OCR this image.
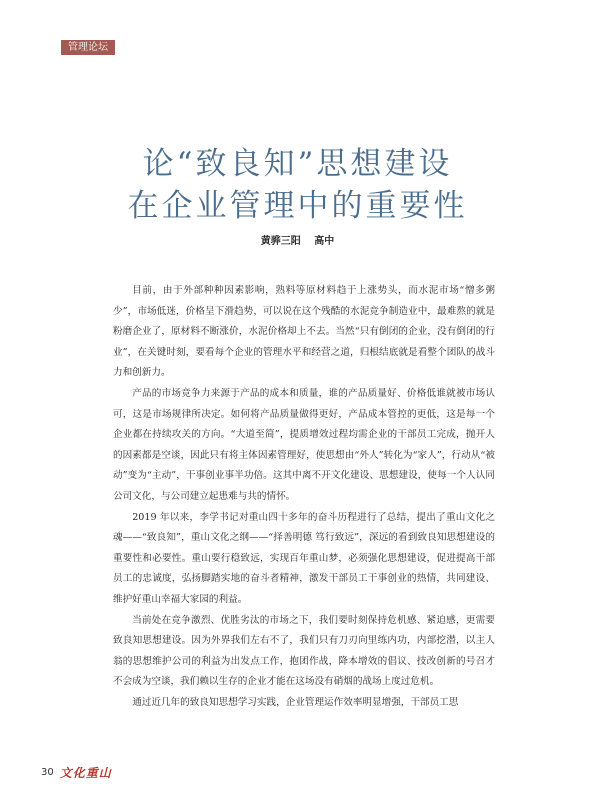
管理论坛
论“致良知”思想建设
在企业管理中的重要性
黄骅三阳 高中

目前，由于外部种种因素影响，熟料等原材料趋于上涨势头，而水泥市场“憎多粥少”，市场低迷，价格呈下滑趋势，可以说在这个残酷的水泥竞争制造业中，最难熬的就是粉磨企业了，原材料不断涨价，水泥价格却上不去。当然“只有倒闭的企业，没有倒闭的行业”，在关键时刻，要看每个企业的管理水平和经营之道，归根结底就是看整个团队的战斗力和创新力。

产品的市场竞争力来源于产品的成本和质量，谁的产品质量好、价格低谁就被市场认可，这是市场规律所决定。如何将产品质量做得更好，产品成本管控的更低，这是每一个企业都在持续攻关的方向。“大道至简”，提质增效过程均需企业的干部员工完成，抛开人的因素都是空谈，因此只有将主体因素管理好，使思想由“外人”转化为“家人”，行动从“被动”变为“主动”，干事创业事半功倍。这其中离不开文化建设、思想建设，使每一个人认同公司文化，与公司建立起患难与共的情怀。

2019 年以来，李学书记对重山四十多年的奋斗历程进行了总结，提出了重山文化之魂——“致良知”，重山文化之纲——“择善明德 笃行致远”，深远的看到致良知思想建设的重要性和必要性。重山要行稳致远，实现百年重山梦，必须强化思想建设，促进提高干部员工的忠诚度，弘扬脚踏实地的奋斗者精神，激发干部员工干事创业的热情，共同建设、维护好重山幸福大家园的利益。

当前处在竞争激烈、优胜劣汰的市场之下，我们要时刻保持危机感、紧迫感，更需要致良知思想建设。因为外界我们左右不了，我们只有刀刃向里练内功，内部挖潜，以主人翁的思想维护公司的利益为出发点工作，抱团作战，降本增效的倡议、技改创新的号召才不会成为空谈，我们赖以生存的企业才能在这场没有硝烟的战场上度过危机。

通过近几年的致良知思想学习实践，企业管理运作效率明显增强，干部员工思

30 文化重山
